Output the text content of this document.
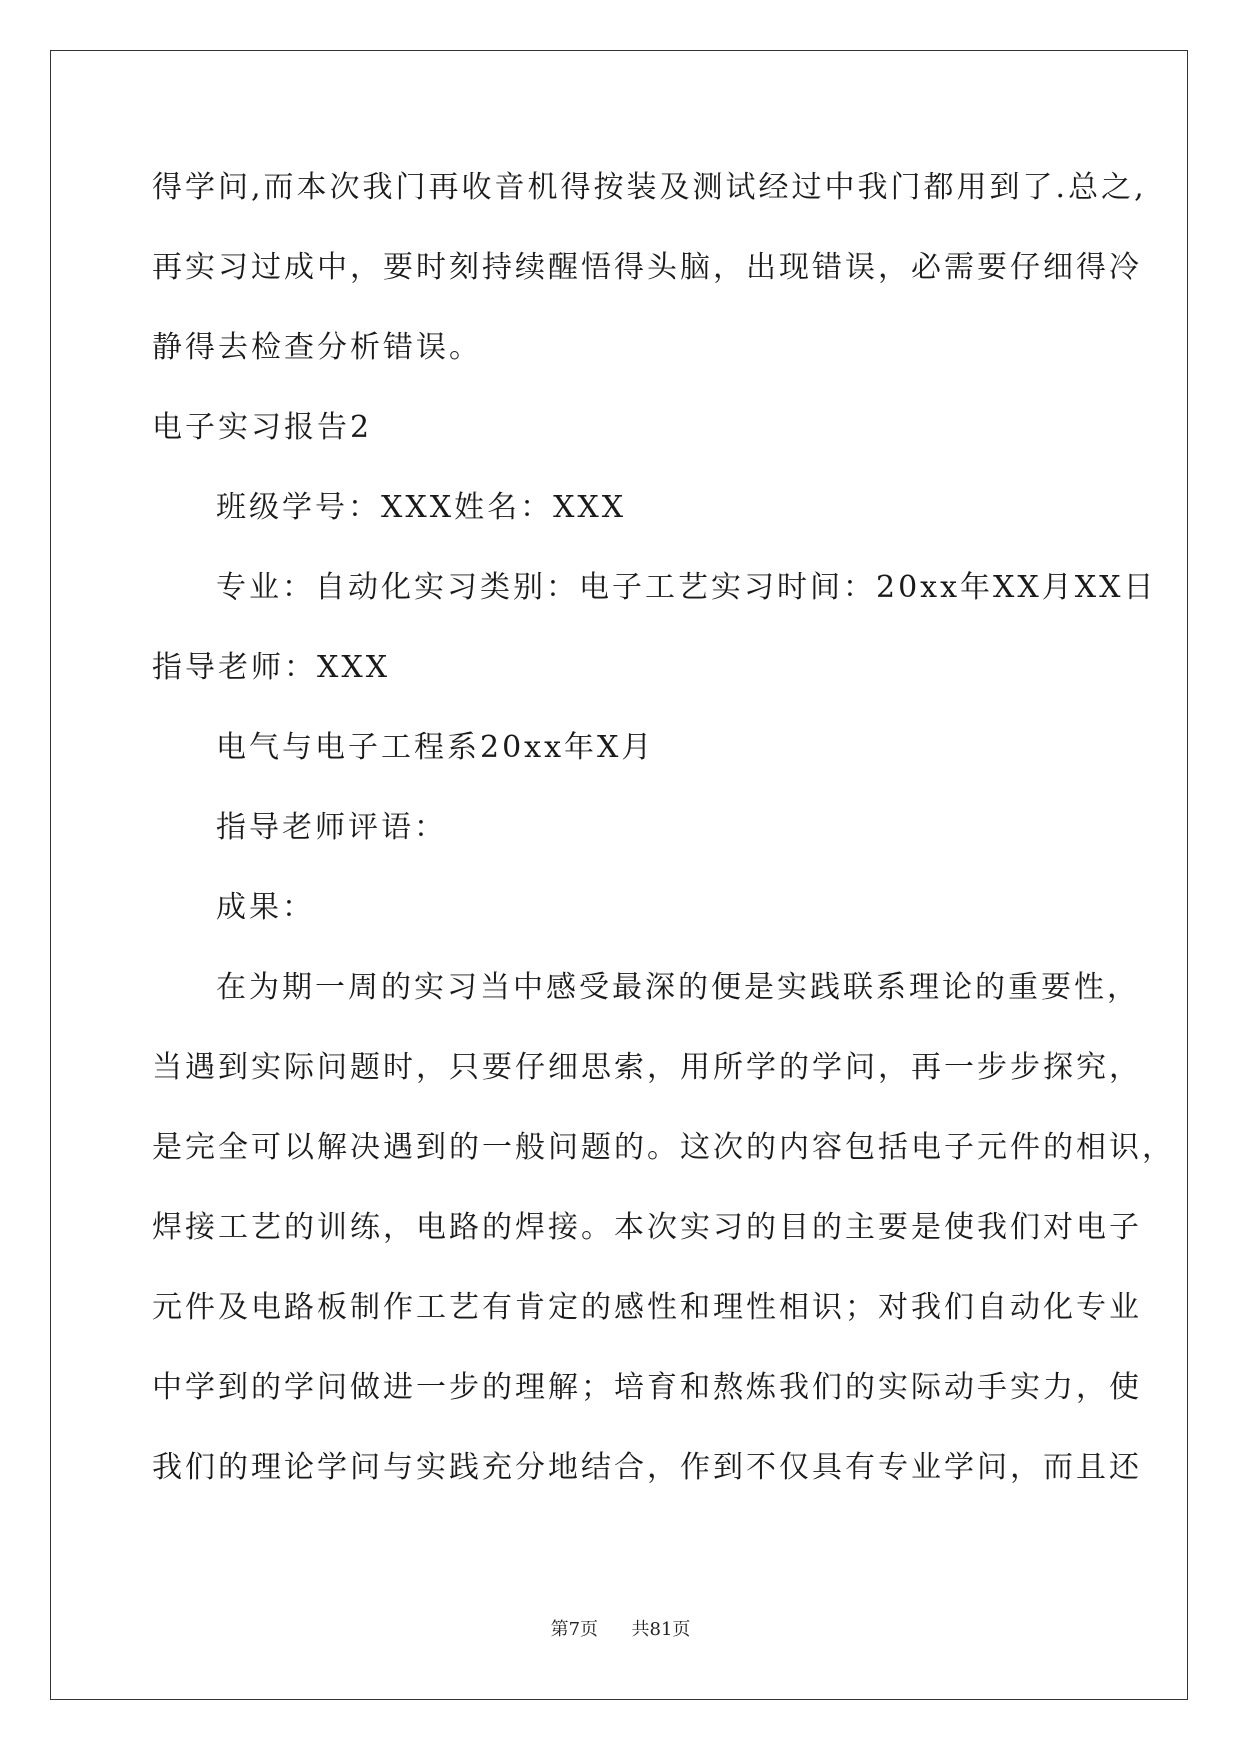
得学问,而本次我门再收音机得按装及测试经过中我门都用到了.总之,
再实习过成中，要时刻持续醒悟得头脑，出现错误，必需要仔细得冷
静得去检查分析错误。
电子实习报告2
班级学号：XXX姓名：XXX
专业：自动化实习类别：电子工艺实习时间：20xx年XX月XX日
指导老师：XXX
电气与电子工程系20xx年X月
指导老师评语：
成果：
在为期一周的实习当中感受最深的便是实践联系理论的重要性，
当遇到实际问题时，只要仔细思索，用所学的学问，再一步步探究，
是完全可以解决遇到的一般问题的。这次的内容包括电子元件的相识，
焊接工艺的训练，电路的焊接。本次实习的目的主要是使我们对电子
元件及电路板制作工艺有肯定的感性和理性相识；对我们自动化专业
中学到的学问做进一步的理解；培育和熬炼我们的实际动手实力，使
我们的理论学问与实践充分地结合，作到不仅具有专业学问，而且还
第7页 共81页
